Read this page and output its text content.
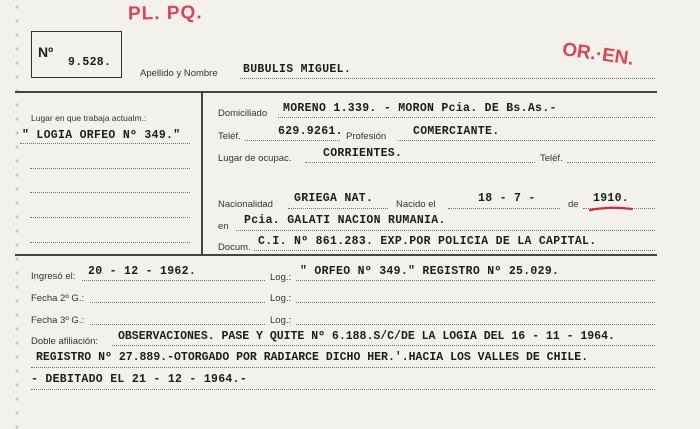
PL. PQ.
OR.·EN.
Nº
9.528.
Apellido y Nombre BUBULIS MIGUEL.
Lugar en que trabaja actualm.:
" LOGIA ORFEO Nº 349."
Domiciliado MORENO 1.339. - MORON Pcia. DE Bs.As.-
Teléf.	629.9261. Profesión COMERCIANTE.
Lugar de ocupac.	CORRIENTES.	Teléf.
Nacionalidad GRIEGA NAT. Nacido el	18 - 7 -	de 1910.
en Pcia. GALATI NACION RUMANIA.
Docum. C.I. Nº 861.283. EXP.POR POLICIA DE LA CAPITAL.
Ingresó el: 20 - 12 - 1962.	Log.: " ORFEO Nº 349." REGISTRO Nº 25.029.
Fecha 2º G.:	Log.:
Fecha 3º G.:	Log.:
Doble afiliación: OBSERVACIONES. PASE Y QUITE Nº 6.188.S/C/DE LA LOGIA DEL 16 - 11 - 1964.
REGISTRO Nº 27.889.-OTORGADO POR RADIARCE DICHO HER.'.HACIA LOS VALLES DE CHILE.
- DEBITADO EL 21 - 12 - 1964.-
